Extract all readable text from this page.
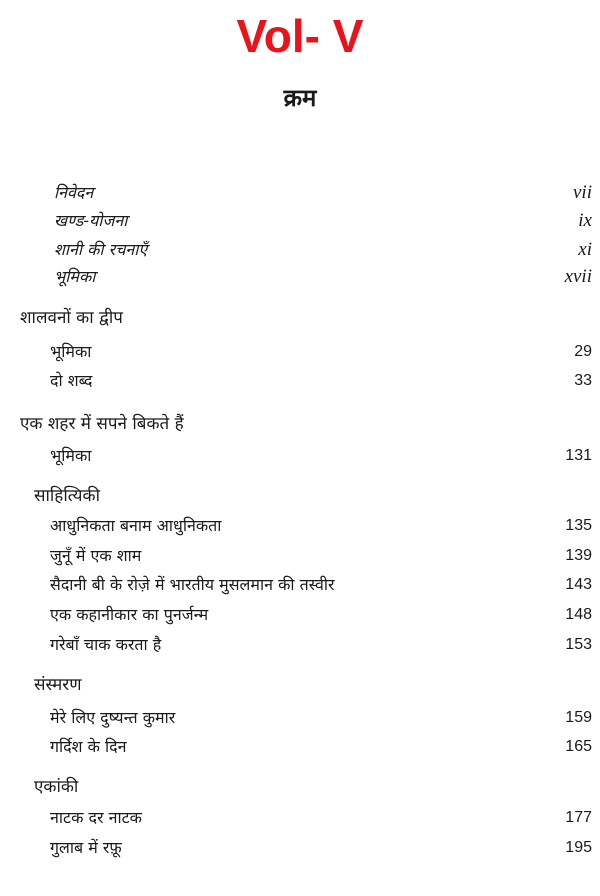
Vol- V
क्रम
निवेदन	vii
खण्ड-योजना	ix
शानी की रचनाएँ	xi
भूमिका	xvii
शालवनों का द्वीप
भूमिका	29
दो शब्द	33
एक शहर में सपने बिकते हैं
भूमिका	131
साहित्यिकी
आधुनिकता बनाम आधुनिकता	135
जुनूँ में एक शाम	139
सैदानी बी के रोज़े में भारतीय मुसलमान की तस्वीर	143
एक कहानीकार का पुनर्जन्म	148
गरेबाँ चाक करता है	153
संस्मरण
मेरे लिए दुष्यन्त कुमार	159
गर्दिश के दिन	165
एकांकी
नाटक दर नाटक	177
गुलाब में रफ़ू	195
